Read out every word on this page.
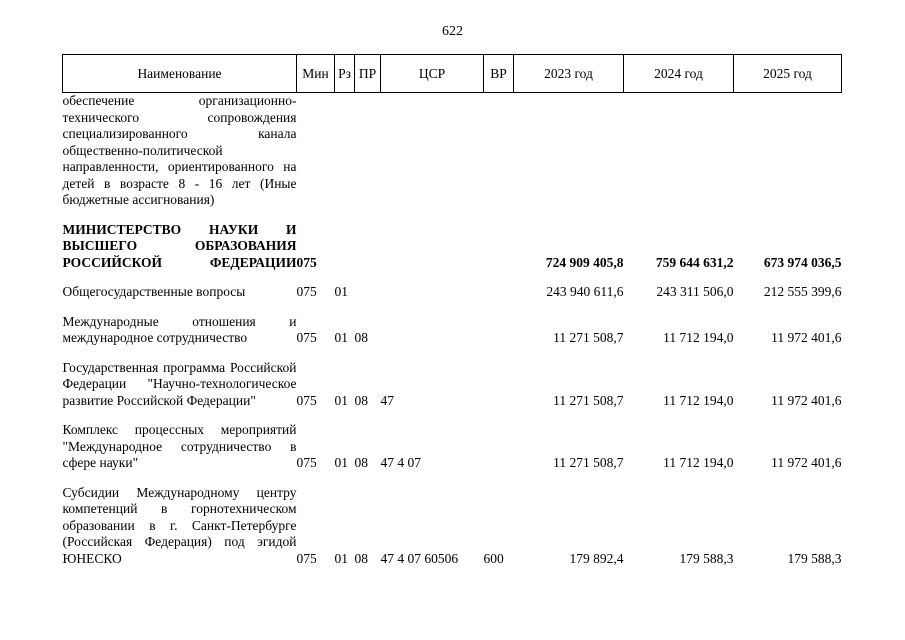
622
Наименование	Мин	Рз	ПР	ЦСР	ВР	2023 год	2024 год	2025 год
обеспечение организационно-технического сопровождения специализированного канала общественно-политической направленности, ориентированного на детей в возрасте 8 - 16 лет (Иные бюджетные ассигнования)								

МИНИСТЕРСТВО НАУКИ И ВЫСШЕГО ОБРАЗОВАНИЯ РОССИЙСКОЙ ФЕДЕРАЦИИ	075					724 909 405,8	759 644 631,2	673 974 036,5

Общегосударственные вопросы	075	01				243 940 611,6	243 311 506,0	212 555 399,6

Международные отношения и международное сотрудничество	075	01	08			11 271 508,7	11 712 194,0	11 972 401,6

Государственная программа Российской Федерации "Научно-технологическое развитие Российской Федерации"	075	01	08	47		11 271 508,7	11 712 194,0	11 972 401,6

Комплекс процессных мероприятий "Международное сотрудничество в сфере науки"	075	01	08	47 4 07		11 271 508,7	11 712 194,0	11 972 401,6

Субсидии Международному центру компетенций в горнотехническом образовании в г. Санкт-Петербурге (Российская Федерация) под эгидой ЮНЕСКО	075	01	08	47 4 07 60506	600	179 892,4	179 588,3	179 588,3
